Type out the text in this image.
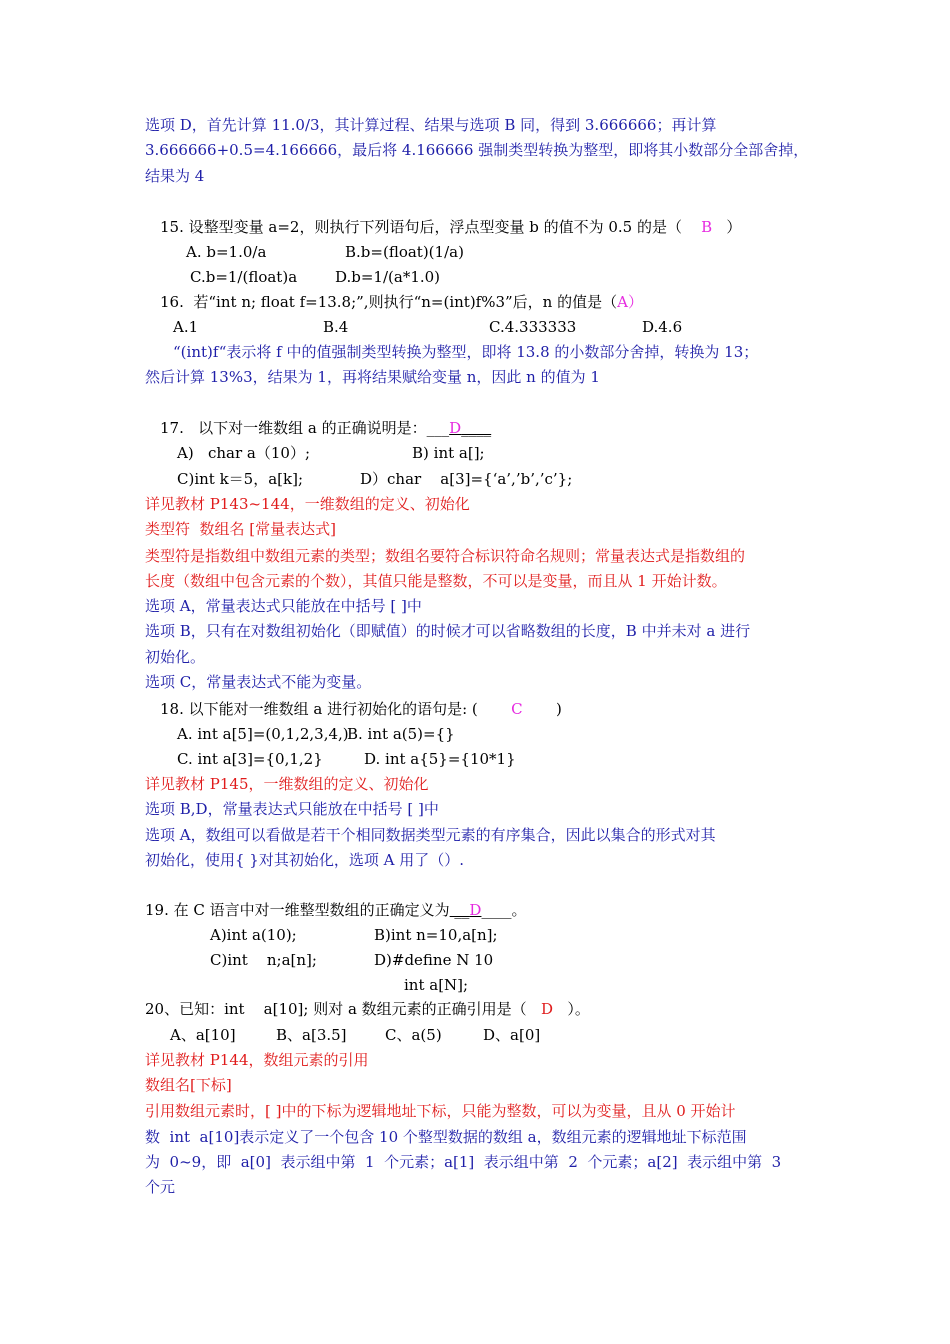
选项 D，首先计算 11.0/3，其计算过程、结果与选项 B 同，得到 3.666666；再计算
3.666666+0.5=4.166666，最后将 4.166666 强制类型转换为整型，即将其小数部分全部舍掉，
结果为 4
15. 设整型变量 a=2，则执行下列语句后，浮点型变量 b 的值不为 0.5 的是（ B ）
A. b=1.0/a	B.b=(float)(1/a)
C.b=1/(float)a	D.b=1/(a*1.0)
16.  若“int n; float f=13.8;”,则执行“n=(int)f%3”后，n 的值是（A）
A.1	B.4	C.4.333333	D.4.6
“(int)f“表示将 f 中的值强制类型转换为整型，即将 13.8 的小数部分舍掉，转换为 13；
然后计算 13%3，结果为 1，再将结果赋给变量 n，因此 n 的值为 1
17.   以下对一维数组 a 的正确说明是：___D____
A)   char a（10）;	B) int a[];
C)int k＝5，a[k];	D）char    a[3]={‘a’,’b’,’c’};
详见教材 P143~144，一维数组的定义、初始化
类型符  数组名 [常量表达式]
类型符是指数组中数组元素的类型；数组名要符合标识符命名规则；常量表达式是指数组的
长度（数组中包含元素的个数），其值只能是整数，不可以是变量，而且从 1 开始计数。
选项 A，常量表达式只能放在中括号 [ ]中
选项 B，只有在对数组初始化（即赋值）的时候才可以省略数组的长度，B 中并未对 a 进行
初始化。
选项 C，常量表达式不能为变量。
18. 以下能对一维数组 a 进行初始化的语句是: ( C )
A. int a[5]=(0,1,2,3,4,)
B. int a(5)={}
C. int a[3]={0,1,2}	D. int a{5}={10*1}
详见教材 P145，一维数组的定义、初始化
选项 B,D，常量表达式只能放在中括号 [ ]中
选项 A，数组可以看做是若干个相同数据类型元素的有序集合，因此以集合的形式对其
初始化，使用{ }对其初始化，选项 A 用了（）.
19. 在 C 语言中对一维整型数组的正确定义为 __D____。
A)int a(10);	B)int n=10,a[n];
C)int    n;a[n];	D)#define N 10
int a[N];
20、已知：int    a[10]; 则对 a 数组元素的正确引用是（ D ）。
A、a[10]	B、a[3.5]	C、a(5)	D、a[0]
详见教材 P144，数组元素的引用
数组名[下标]
引用数组元素时，[ ]中的下标为逻辑地址下标，只能为整数，可以为变量，且从 0 开始计
数  int  a[10]表示定义了一个包含 10 个整型数据的数组 a，数组元素的逻辑地址下标范围
为  0~9，即  a[0]  表示组中第  1  个元素；a[1]  表示组中第  2  个元素；a[2]  表示组中第  3
个元
